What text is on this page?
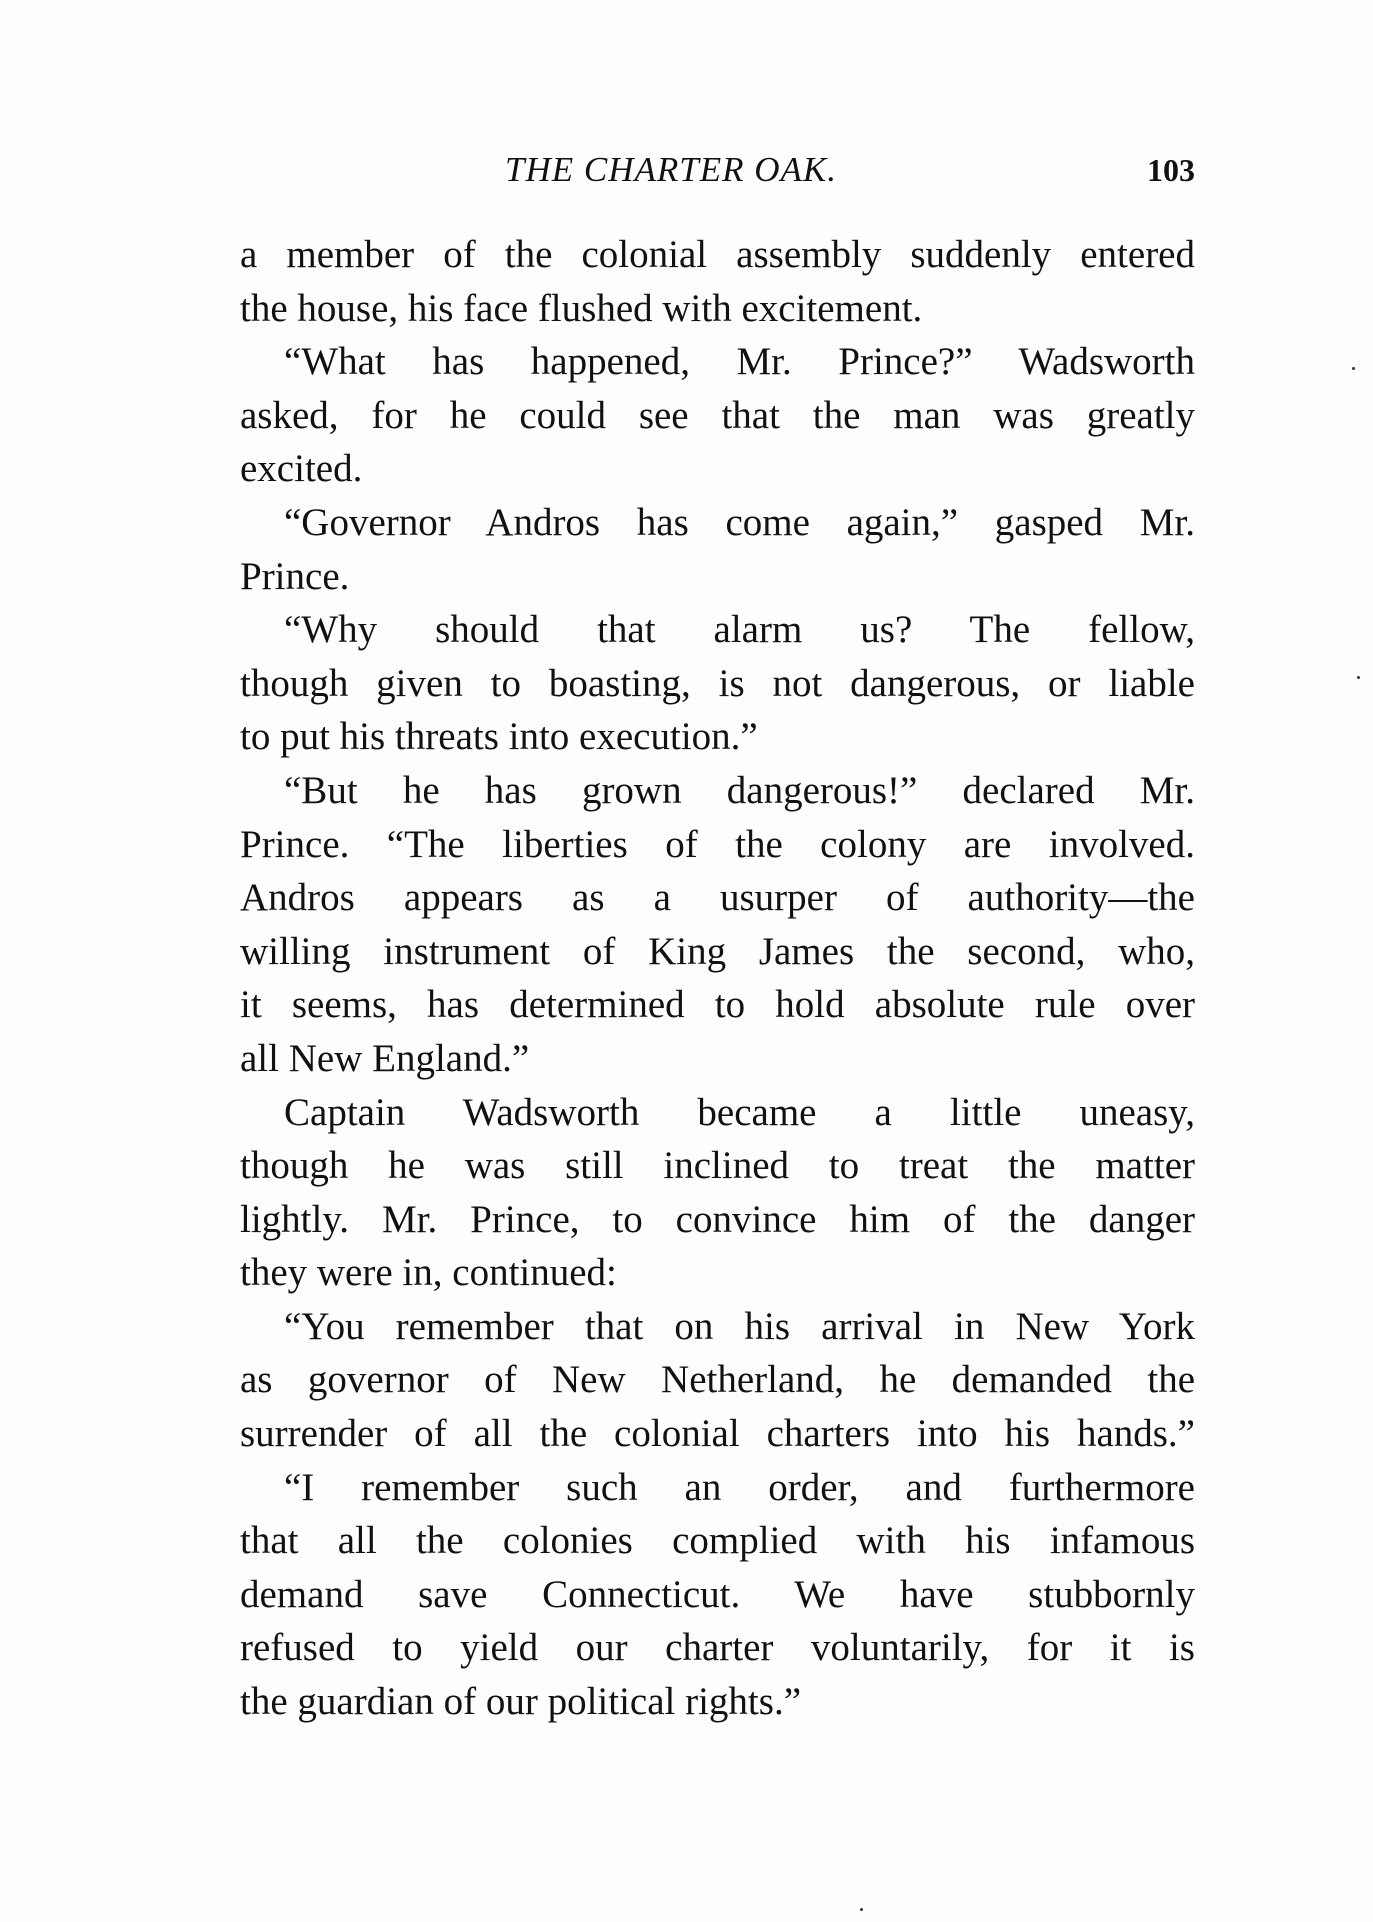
THE CHARTER OAK.	103
a member of the colonial assembly suddenly entered
the house, his face flushed with excitement.
“What has happened, Mr. Prince?” Wadsworth
asked, for he could see that the man was greatly
excited.
“Governor Andros has come again,” gasped Mr.
Prince.
“Why should that alarm us? The fellow,
though given to boasting, is not dangerous, or liable
to put his threats into execution.”
“But he has grown dangerous!” declared Mr.
Prince. “The liberties of the colony are involved.
Andros appears as a usurper of authority—the
willing instrument of King James the second, who,
it seems, has determined to hold absolute rule over
all New England.”
Captain Wadsworth became a little uneasy,
though he was still inclined to treat the matter
lightly. Mr. Prince, to convince him of the danger
they were in, continued:
“You remember that on his arrival in New York
as governor of New Netherland, he demanded the
surrender of all the colonial charters into his hands.”
“I remember such an order, and furthermore
that all the colonies complied with his infamous
demand save Connecticut. We have stubbornly
refused to yield our charter voluntarily, for it is
the guardian of our political rights.”
